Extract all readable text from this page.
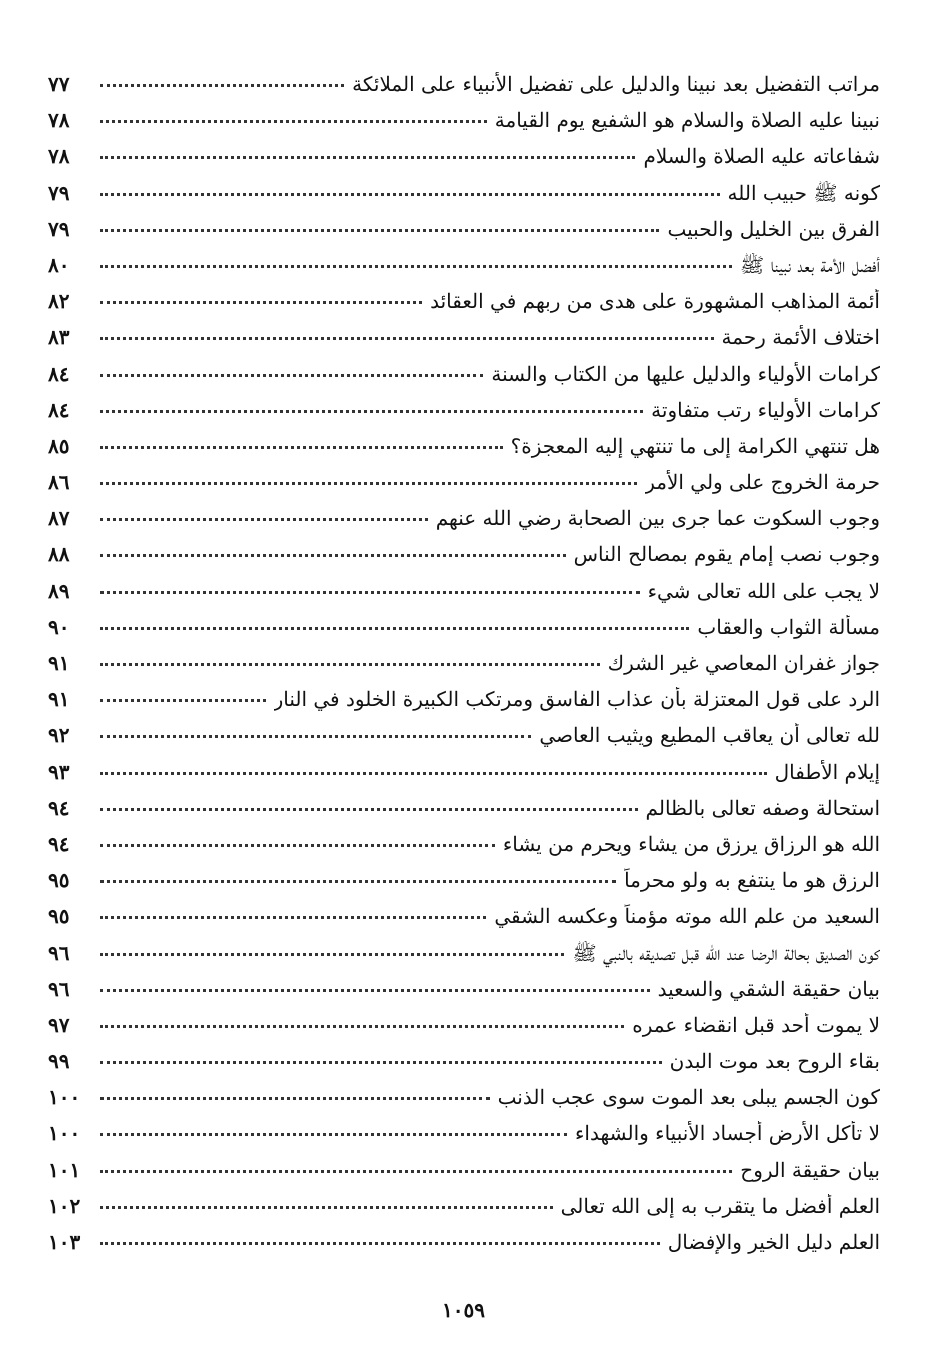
مراتب التفضيل بعد نبينا والدليل على تفضيل الأنبياء على الملائكة
٧٧
نبينا عليه الصلاة والسلام هو الشفيع يوم القيامة
٧٨
شفاعاته عليه الصلاة والسلام
٧٨
كونه ﷺ حبيب الله
٧٩
الفرق بين الخليل والحبيب
٧٩
أفضل الأمة بعد نبينا ﷺ
٨٠
أئمة المذاهب المشهورة على هدى من ربهم في العقائد
٨٢
اختلاف الأئمة رحمة
٨٣
كرامات الأولياء والدليل عليها من الكتاب والسنة
٨٤
كرامات الأولياء رتب متفاوتة
٨٤
هل تنتهي الكرامة إلى ما تنتهي إليه المعجزة؟
٨٥
حرمة الخروج على ولي الأمر
٨٦
وجوب السكوت عما جرى بين الصحابة رضي الله عنهم
٨٧
وجوب نصب إمام يقوم بمصالح الناس
٨٨
لا يجب على الله تعالى شيء
٨٩
مسألة الثواب والعقاب
٩٠
جواز غفران المعاصي غير الشرك
٩١
الرد على قول المعتزلة بأن عذاب الفاسق ومرتكب الكبيرة الخلود في النار
٩١
لله تعالى أن يعاقب المطيع ويثيب العاصي
٩٢
إيلام الأطفال
٩٣
استحالة وصفه تعالى بالظالم
٩٤
الله هو الرزاق يرزق من يشاء ويحرم من يشاء
٩٤
الرزق هو ما ينتفع به ولو محرماً
٩٥
السعيد من علم الله موته مؤمناً وعكسه الشقي
٩٥
كون الصديق بحالة الرضا عند الله قبل تصديقه بالنبي ﷺ
٩٦
بيان حقيقة الشقي والسعيد
٩٦
لا يموت أحد قبل انقضاء عمره
٩٧
بقاء الروح بعد موت البدن
٩٩
كون الجسم يبلى بعد الموت سوى عجب الذنب
١٠٠
لا تأكل الأرض أجساد الأنبياء والشهداء
١٠٠
بيان حقيقة الروح
١٠١
العلم أفضل ما يتقرب به إلى الله تعالى
١٠٢
العلم دليل الخير والإفضال
١٠٣
١٠٥٩
